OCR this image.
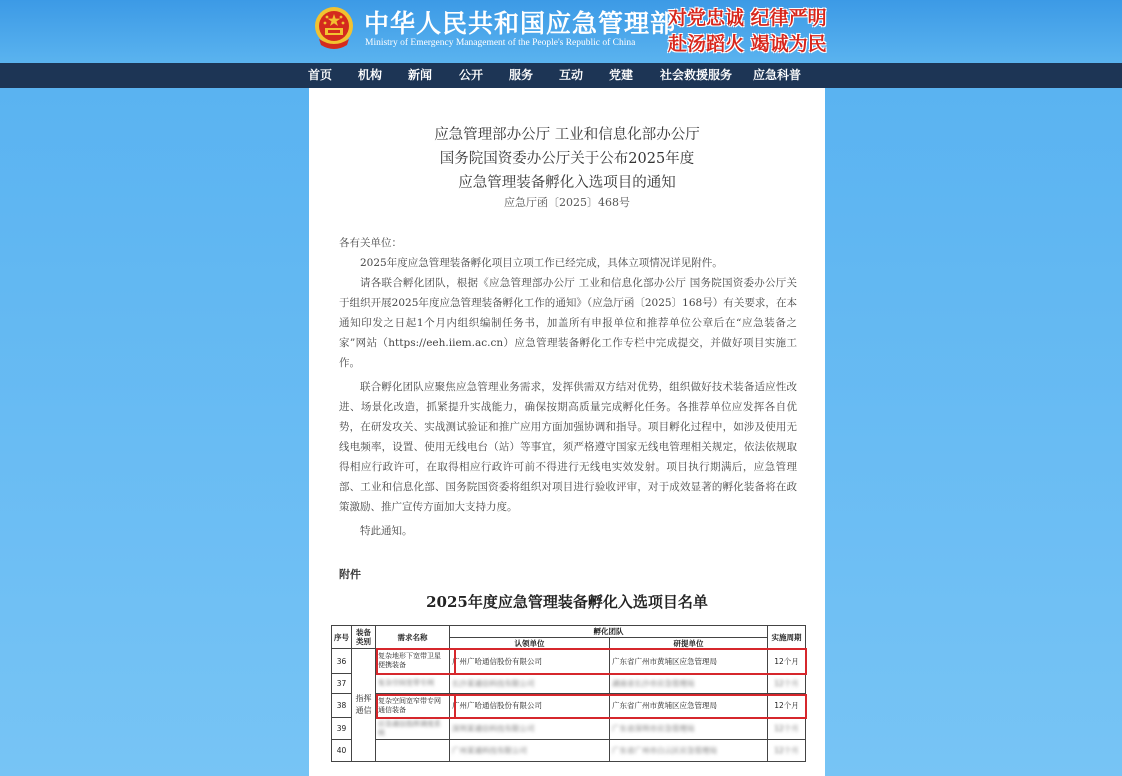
中华人民共和国应急管理部
Ministry of Emergency Management of the People's Republic of China
对党忠诚 纪律严明
赴汤蹈火 竭诚为民
首页 机构 新闻 公开 服务 互动 党建 社会救援服务 应急科普
应急管理部办公厅 工业和信息化部办公厅
国务院国资委办公厅关于公布2025年度
应急管理装备孵化入选项目的通知
应急厅函〔2025〕468号

各有关单位：

2025年度应急管理装备孵化项目立项工作已经完成，具体立项情况详见附件。

请各联合孵化团队，根据《应急管理部办公厅 工业和信息化部办公厅 国务院国资委办公厅关于组织开展2025年度应急管理装备孵化工作的通知》（应急厅函〔2025〕168号）有关要求，在本通知印发之日起1个月内组织编制任务书，加盖所有申报单位和推荐单位公章后在“应急装备之家”网站（https://eeh.iiem.ac.cn）应急管理装备孵化工作专栏中完成提交，并做好项目实施工作。

联合孵化团队应聚焦应急管理业务需求，发挥供需双方结对优势，组织做好技术装备适应性改进、场景化改造，抓紧提升实战能力，确保按期高质量完成孵化任务。各推荐单位应发挥各自优势，在研发攻关、实战测试验证和推广应用方面加强协调和指导。项目孵化过程中，如涉及使用无线电频率，设置、使用无线电台（站）等事宜，须严格遵守国家无线电管理相关规定，依法依规取得相应行政许可，在取得相应行政许可前不得进行无线电实效发射。项目执行期满后，应急管理部、工业和信息化部、国务院国资委将组织对项目进行验收评审，对于成效显著的孵化装备将在政策激励、推广宣传方面加大支持力度。

特此通知。

附件
2025年度应急管理装备孵化入选项目名单
序号	装备类别	需求名称	孵化团队		实施周期
			认领单位	研提单位	
36	指挥通信	复杂地形下宽带卫星便携装备	广州广哈通信股份有限公司	广东省广州市黄埔区应急管理局	12个月
37		复杂空间宽带专网	长沙某通信科技有限公司	湖南省长沙市应急管理局	12个月
38		复杂空间宽窄带专网通信装备	广州广哈通信股份有限公司	广东省广州市黄埔区应急管理局	12个月
39		应急通信指挥调度系统	深圳某通信科技有限公司	广东省深圳市应急管理局	12个月
40			广州某通科技有限公司	广东省广州市白云区应急管理局	12个月
